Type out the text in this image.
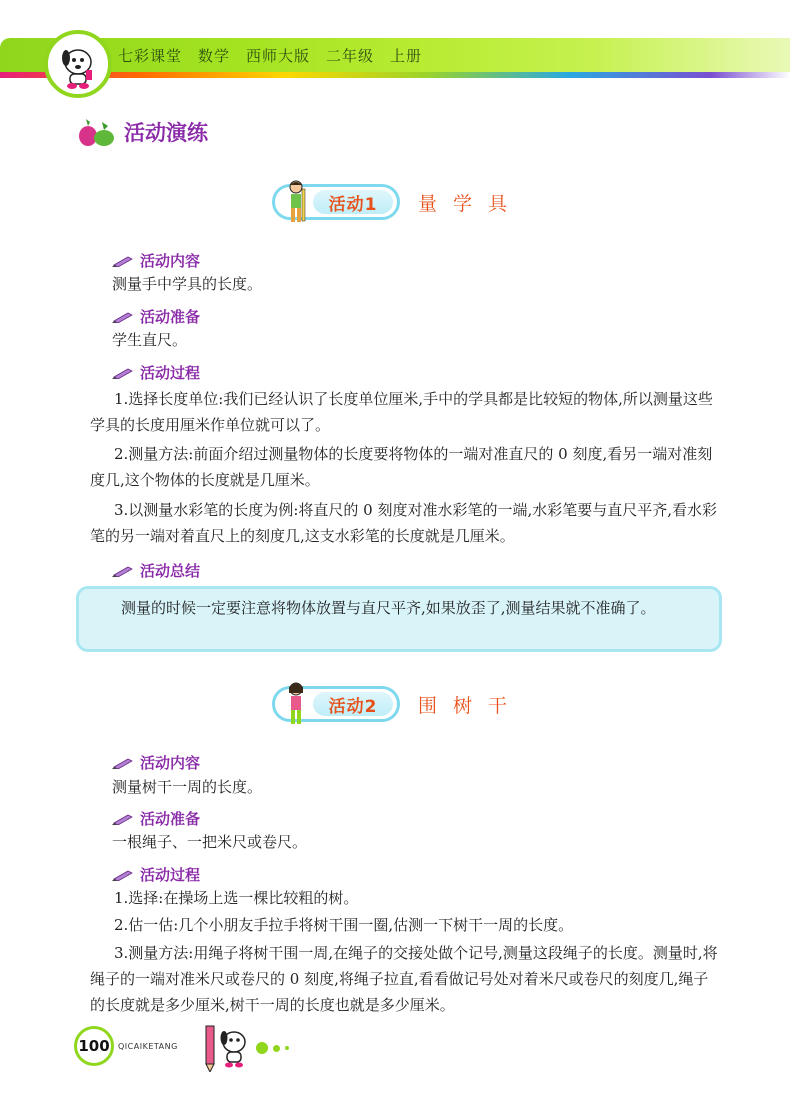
七彩课堂　数学　西师大版　二年级　上册
活动演练
活动1	量学具
活动内容
测量手中学具的长度。
活动准备
学生直尺。
活动过程
1.选择长度单位:我们已经认识了长度单位厘米,手中的学具都是比较短的物体,所以测量这些学具的长度用厘米作单位就可以了。
2.测量方法:前面介绍过测量物体的长度要将物体的一端对准直尺的 0 刻度,看另一端对准刻度几,这个物体的长度就是几厘米。
3.以测量水彩笔的长度为例:将直尺的 0 刻度对准水彩笔的一端,水彩笔要与直尺平齐,看水彩笔的另一端对着直尺上的刻度几,这支水彩笔的长度就是几厘米。
活动总结

测量的时候一定要注意将物体放置与直尺平齐,如果放歪了,测量结果就不准确了。

活动2	围树干
活动内容
测量树干一周的长度。
活动准备
一根绳子、一把米尺或卷尺。
活动过程
1.选择:在操场上选一棵比较粗的树。
2.估一估:几个小朋友手拉手将树干围一圈,估测一下树干一周的长度。
3.测量方法:用绳子将树干围一周,在绳子的交接处做个记号,测量这段绳子的长度。测量时,将绳子的一端对准米尺或卷尺的 0 刻度,将绳子拉直,看看做记号处对着米尺或卷尺的刻度几,绳子的长度就是多少厘米,树干一周的长度也就是多少厘米。
100	QICAIKETANG
